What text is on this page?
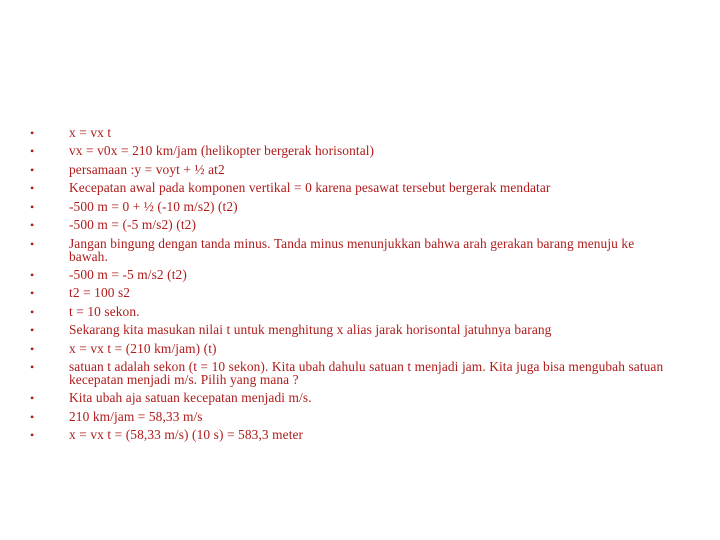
•	x = vx t
•	vx = v0x = 210 km/jam (helikopter bergerak horisontal)
•	persamaan :y = voyt + ½ at2
•	Kecepatan awal pada komponen vertikal = 0 karena pesawat tersebut bergerak mendatar
•	-500 m = 0 + ½ (-10 m/s2) (t2)
•	-500 m = (-5 m/s2) (t2)
•	Jangan bingung dengan tanda minus. Tanda minus menunjukkan bahwa arah gerakan barang menuju ke bawah.
•	-500 m = -5 m/s2 (t2)
•	t2 = 100 s2
•	t = 10 sekon.
•	Sekarang kita masukan nilai t untuk menghitung x alias jarak horisontal jatuhnya barang
•	x = vx t = (210 km/jam) (t)
•	satuan t adalah sekon (t = 10 sekon). Kita ubah dahulu satuan t menjadi jam. Kita juga bisa mengubah satuan kecepatan menjadi m/s. Pilih yang mana ?
•	Kita ubah aja satuan kecepatan menjadi m/s.
•	210 km/jam = 58,33 m/s
•	x = vx t = (58,33 m/s) (10 s) = 583,3 meter
